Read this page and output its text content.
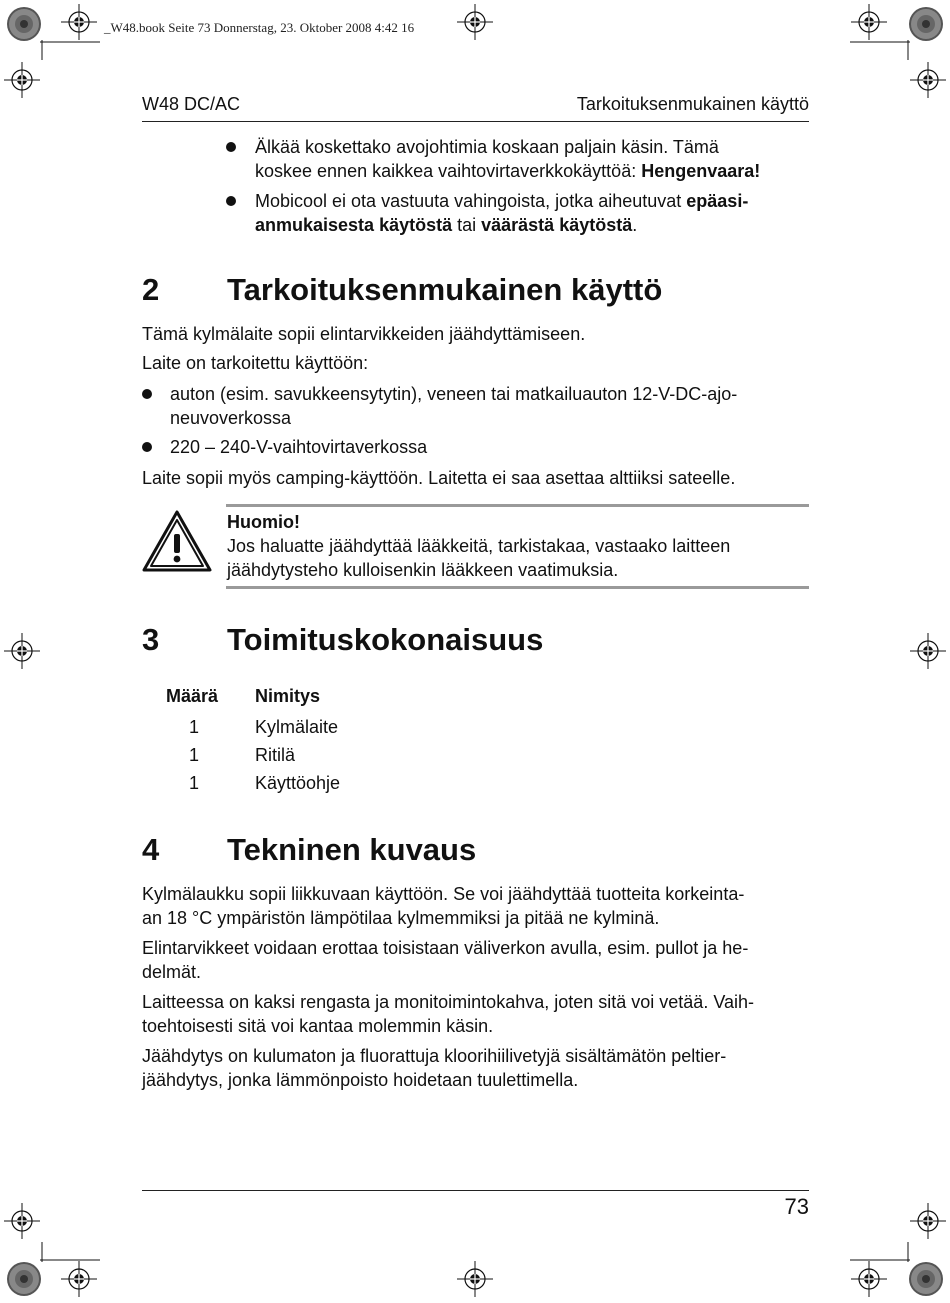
_W48.book Seite 73 Donnerstag, 23. Oktober 2008 4:42 16
W48 DC/AC	Tarkoituksenmukainen käyttö
Älkää koskettako avojohtimia koskaan paljain käsin. Tämä
koskee ennen kaikkea vaihtovirtaverkkokäyttöä: Hengenvaara!
Mobicool ei ota vastuuta vahingoista, jotka aiheutuvat epäasi-
anmukaisesta käytöstä tai väärästä käytöstä.
2 Tarkoituksenmukainen käyttö
Tämä kylmälaite sopii elintarvikkeiden jäähdyttämiseen.
Laite on tarkoitettu käyttöön:
auton (esim. savukkeensytytin), veneen tai matkailuauton 12-V-DC-ajo-
neuvoverkossa
220 – 240-V-vaihtovirtaverkossa
Laite sopii myös camping-käyttöön. Laitetta ei saa asettaa alttiiksi sateelle.
Huomio!
Jos haluatte jäähdyttää lääkkeitä, tarkistakaa, vastaako laitteen
jäähdytysteho kulloisenkin lääkkeen vaatimuksia.
3 Toimituskokonaisuus
Määrä Nimitys
1	Kylmälaite
1	Ritilä
1	Käyttöohje
4 Tekninen kuvaus
Kylmälaukku sopii liikkuvaan käyttöön. Se voi jäähdyttää tuotteita korkeinta-
an 18 °C ympäristön lämpötilaa kylmemmiksi ja pitää ne kylminä.
Elintarvikkeet voidaan erottaa toisistaan väliverkon avulla, esim. pullot ja he-
delmät.
Laitteessa on kaksi rengasta ja monitoimintokahva, joten sitä voi vetää. Vaih-
toehtoisesti sitä voi kantaa molemmin käsin.
Jäähdytys on kulumaton ja fluorattuja kloorihiilivetyjä sisältämätön peltier-
jäähdytys, jonka lämmönpoisto hoidetaan tuulettimella.
73
